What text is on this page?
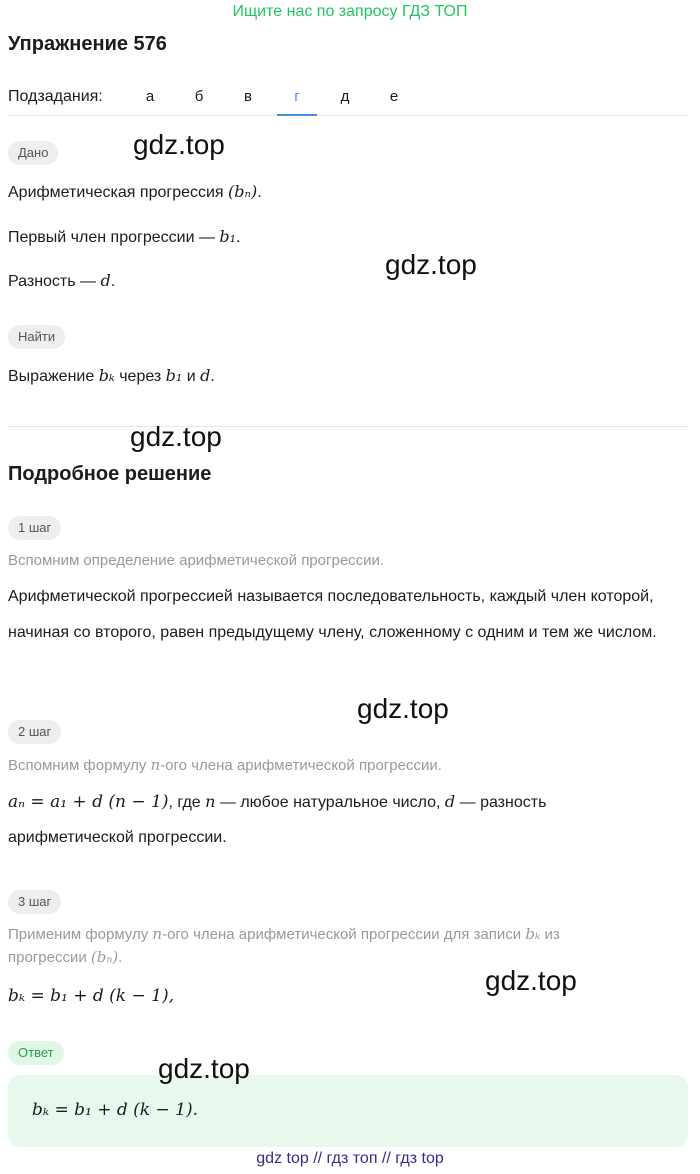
Ищите нас по запросу ГДЗ ТОП
Упражнение 576
Подзадания:	а	б	в	г	д	е
Дано
Арифметическая прогрессия (bₙ).
Первый член прогрессии — b₁.
Разность — d.
Найти
Выражение bₖ через b₁ и d.
Подробное решение
1 шаг
Вспомним определение арифметической прогрессии.
Арифметической прогрессией называется последовательность, каждый член которой, начиная со второго, равен предыдущему члену, сложенному с одним и тем же числом.
2 шаг
Вспомним формулу n-ого члена арифметической прогрессии.
aₙ = a₁ + d (n − 1), где n — любое натуральное число, d — разность
арифметической прогрессии.
3 шаг
Применим формулу n-ого члена арифметической прогрессии для записи bₖ из
прогрессии (bₙ).
bₖ = b₁ + d (k − 1),
Ответ
bₖ = b₁ + d (k − 1).
gdz.top
gdz.top
gdz.top
gdz.top
gdz.top
gdz.top
gdz top // гдз топ // гдз top
